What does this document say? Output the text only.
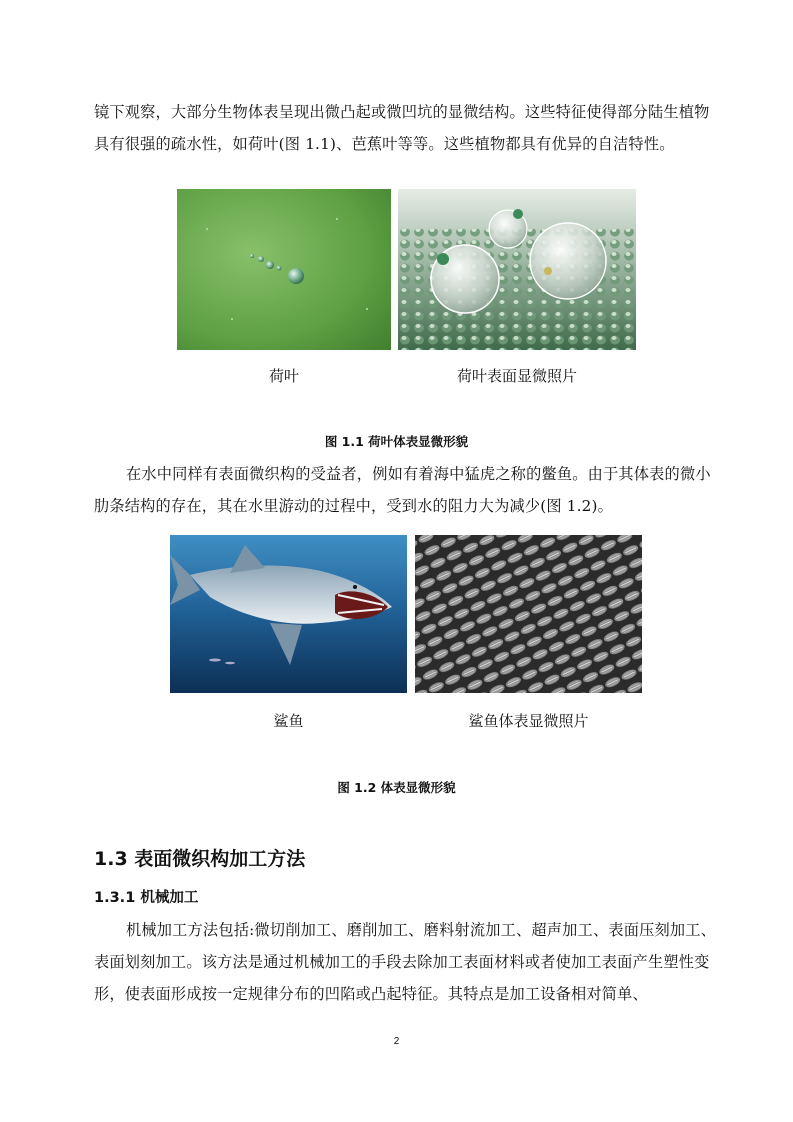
镜下观察，大部分生物体表呈现出微凸起或微凹坑的显微结构。这些特征使得部分陆生植物具有很强的疏水性，如荷叶(图 1.1)、芭蕉叶等等。这些植物都具有优异的自洁特性。

荷叶	荷叶表面显微照片
图 1.1 荷叶体表显微形貌

在水中同样有表面微织构的受益者，例如有着海中猛虎之称的鳖鱼。由于其体表的微小肋条结构的存在，其在水里游动的过程中，受到水的阻力大为减少(图 1.2)。

鲨鱼	鲨鱼体表显微照片
图 1.2 体表显微形貌
1.3 表面微织构加工方法
1.3.1 机械加工

机械加工方法包括:微切削加工、磨削加工、磨料射流加工、超声加工、表面压刻加工、表面划刻加工。该方法是通过机械加工的手段去除加工表面材料或者使加工表面产生塑性变形，使表面形成按一定规律分布的凹陷或凸起特征。其特点是加工设备相对简单、

2
